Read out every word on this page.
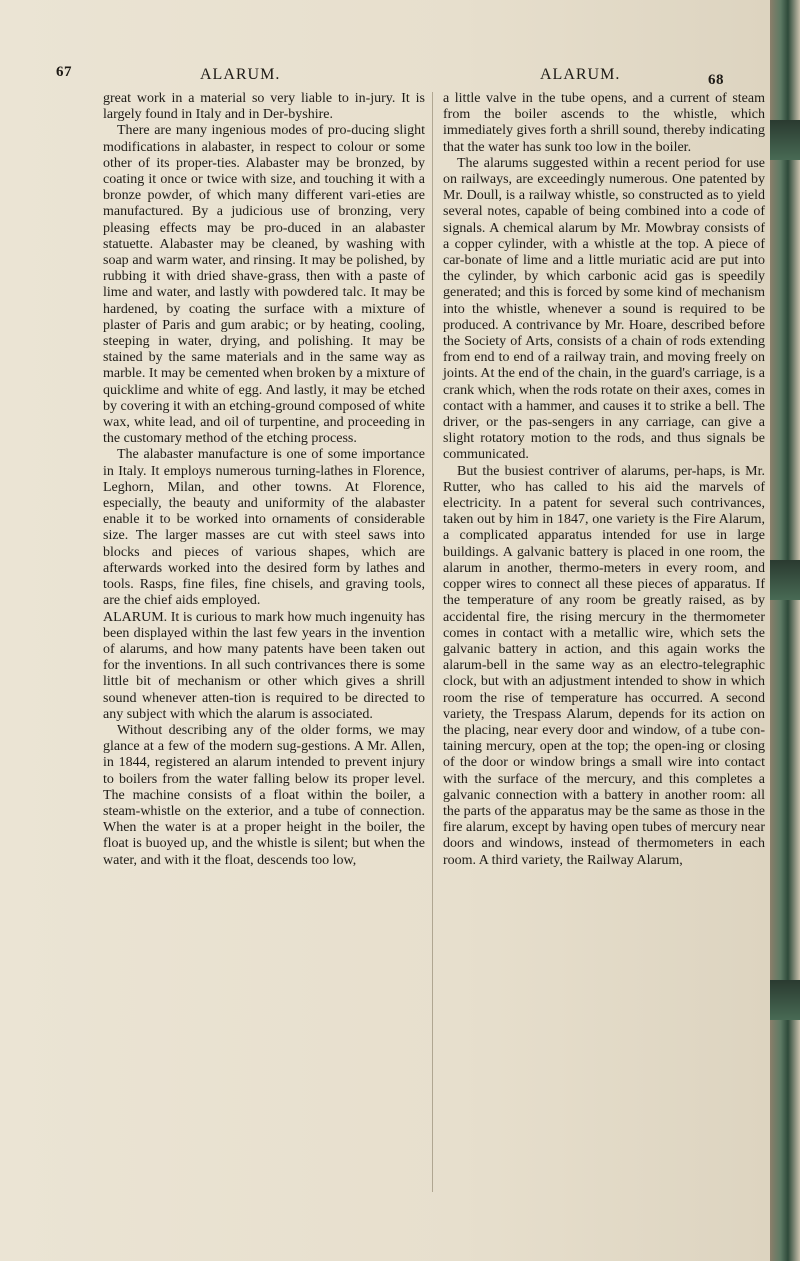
67	ALARUM.	ALARUM.	68

great work in a material so very liable to in-jury. It is largely found in Italy and in Der-byshire.

There are many ingenious modes of pro-ducing slight modifications in alabaster, in respect to colour or some other of its proper-ties. Alabaster may be bronzed, by coating it once or twice with size, and touching it with a bronze powder, of which many different vari-eties are manufactured. By a judicious use of bronzing, very pleasing effects may be pro-duced in an alabaster statuette. Alabaster may be cleaned, by washing with soap and warm water, and rinsing. It may be polished, by rubbing it with dried shave-grass, then with a paste of lime and water, and lastly with powdered talc. It may be hardened, by coating the surface with a mixture of plaster of Paris and gum arabic; or by heating, cooling, steeping in water, drying, and polishing. It may be stained by the same materials and in the same way as marble. It may be cemented when broken by a mixture of quicklime and white of egg. And lastly, it may be etched by covering it with an etching-ground composed of white wax, white lead, and oil of turpentine, and proceeding in the customary method of the etching process.

The alabaster manufacture is one of some importance in Italy. It employs numerous turning-lathes in Florence, Leghorn, Milan, and other towns. At Florence, especially, the beauty and uniformity of the alabaster enable it to be worked into ornaments of considerable size. The larger masses are cut with steel saws into blocks and pieces of various shapes, which are afterwards worked into the desired form by lathes and tools. Rasps, fine files, fine chisels, and graving tools, are the chief aids employed.

ALARUM. It is curious to mark how much ingenuity has been displayed within the last few years in the invention of alarums, and how many patents have been taken out for the inventions. In all such contrivances there is some little bit of mechanism or other which gives a shrill sound whenever atten-tion is required to be directed to any subject with which the alarum is associated.

Without describing any of the older forms, we may glance at a few of the modern sug-gestions. A Mr. Allen, in 1844, registered an alarum intended to prevent injury to boilers from the water falling below its proper level. The machine consists of a float within the boiler, a steam-whistle on the exterior, and a tube of connection. When the water is at a proper height in the boiler, the float is buoyed up, and the whistle is silent; but when the water, and with it the float, descends too low,

a little valve in the tube opens, and a current of steam from the boiler ascends to the whistle, which immediately gives forth a shrill sound, thereby indicating that the water has sunk too low in the boiler.

The alarums suggested within a recent period for use on railways, are exceedingly numerous. One patented by Mr. Doull, is a railway whistle, so constructed as to yield several notes, capable of being combined into a code of signals. A chemical alarum by Mr. Mowbray consists of a copper cylinder, with a whistle at the top. A piece of car-bonate of lime and a little muriatic acid are put into the cylinder, by which carbonic acid gas is speedily generated; and this is forced by some kind of mechanism into the whistle, whenever a sound is required to be produced. A contrivance by Mr. Hoare, described before the Society of Arts, consists of a chain of rods extending from end to end of a railway train, and moving freely on joints. At the end of the chain, in the guard's carriage, is a crank which, when the rods rotate on their axes, comes in contact with a hammer, and causes it to strike a bell. The driver, or the pas-sengers in any carriage, can give a slight rotatory motion to the rods, and thus signals be communicated.

But the busiest contriver of alarums, per-haps, is Mr. Rutter, who has called to his aid the marvels of electricity. In a patent for several such contrivances, taken out by him in 1847, one variety is the Fire Alarum, a complicated apparatus intended for use in large buildings. A galvanic battery is placed in one room, the alarum in another, thermo-meters in every room, and copper wires to connect all these pieces of apparatus. If the temperature of any room be greatly raised, as by accidental fire, the rising mercury in the thermometer comes in contact with a metallic wire, which sets the galvanic battery in action, and this again works the alarum-bell in the same way as an electro-telegraphic clock, but with an adjustment intended to show in which room the rise of temperature has occurred. A second variety, the Trespass Alarum, depends for its action on the placing, near every door and window, of a tube con-taining mercury, open at the top; the open-ing or closing of the door or window brings a small wire into contact with the surface of the mercury, and this completes a galvanic connection with a battery in another room: all the parts of the apparatus may be the same as those in the fire alarum, except by having open tubes of mercury near doors and windows, instead of thermometers in each room. A third variety, the Railway Alarum,
